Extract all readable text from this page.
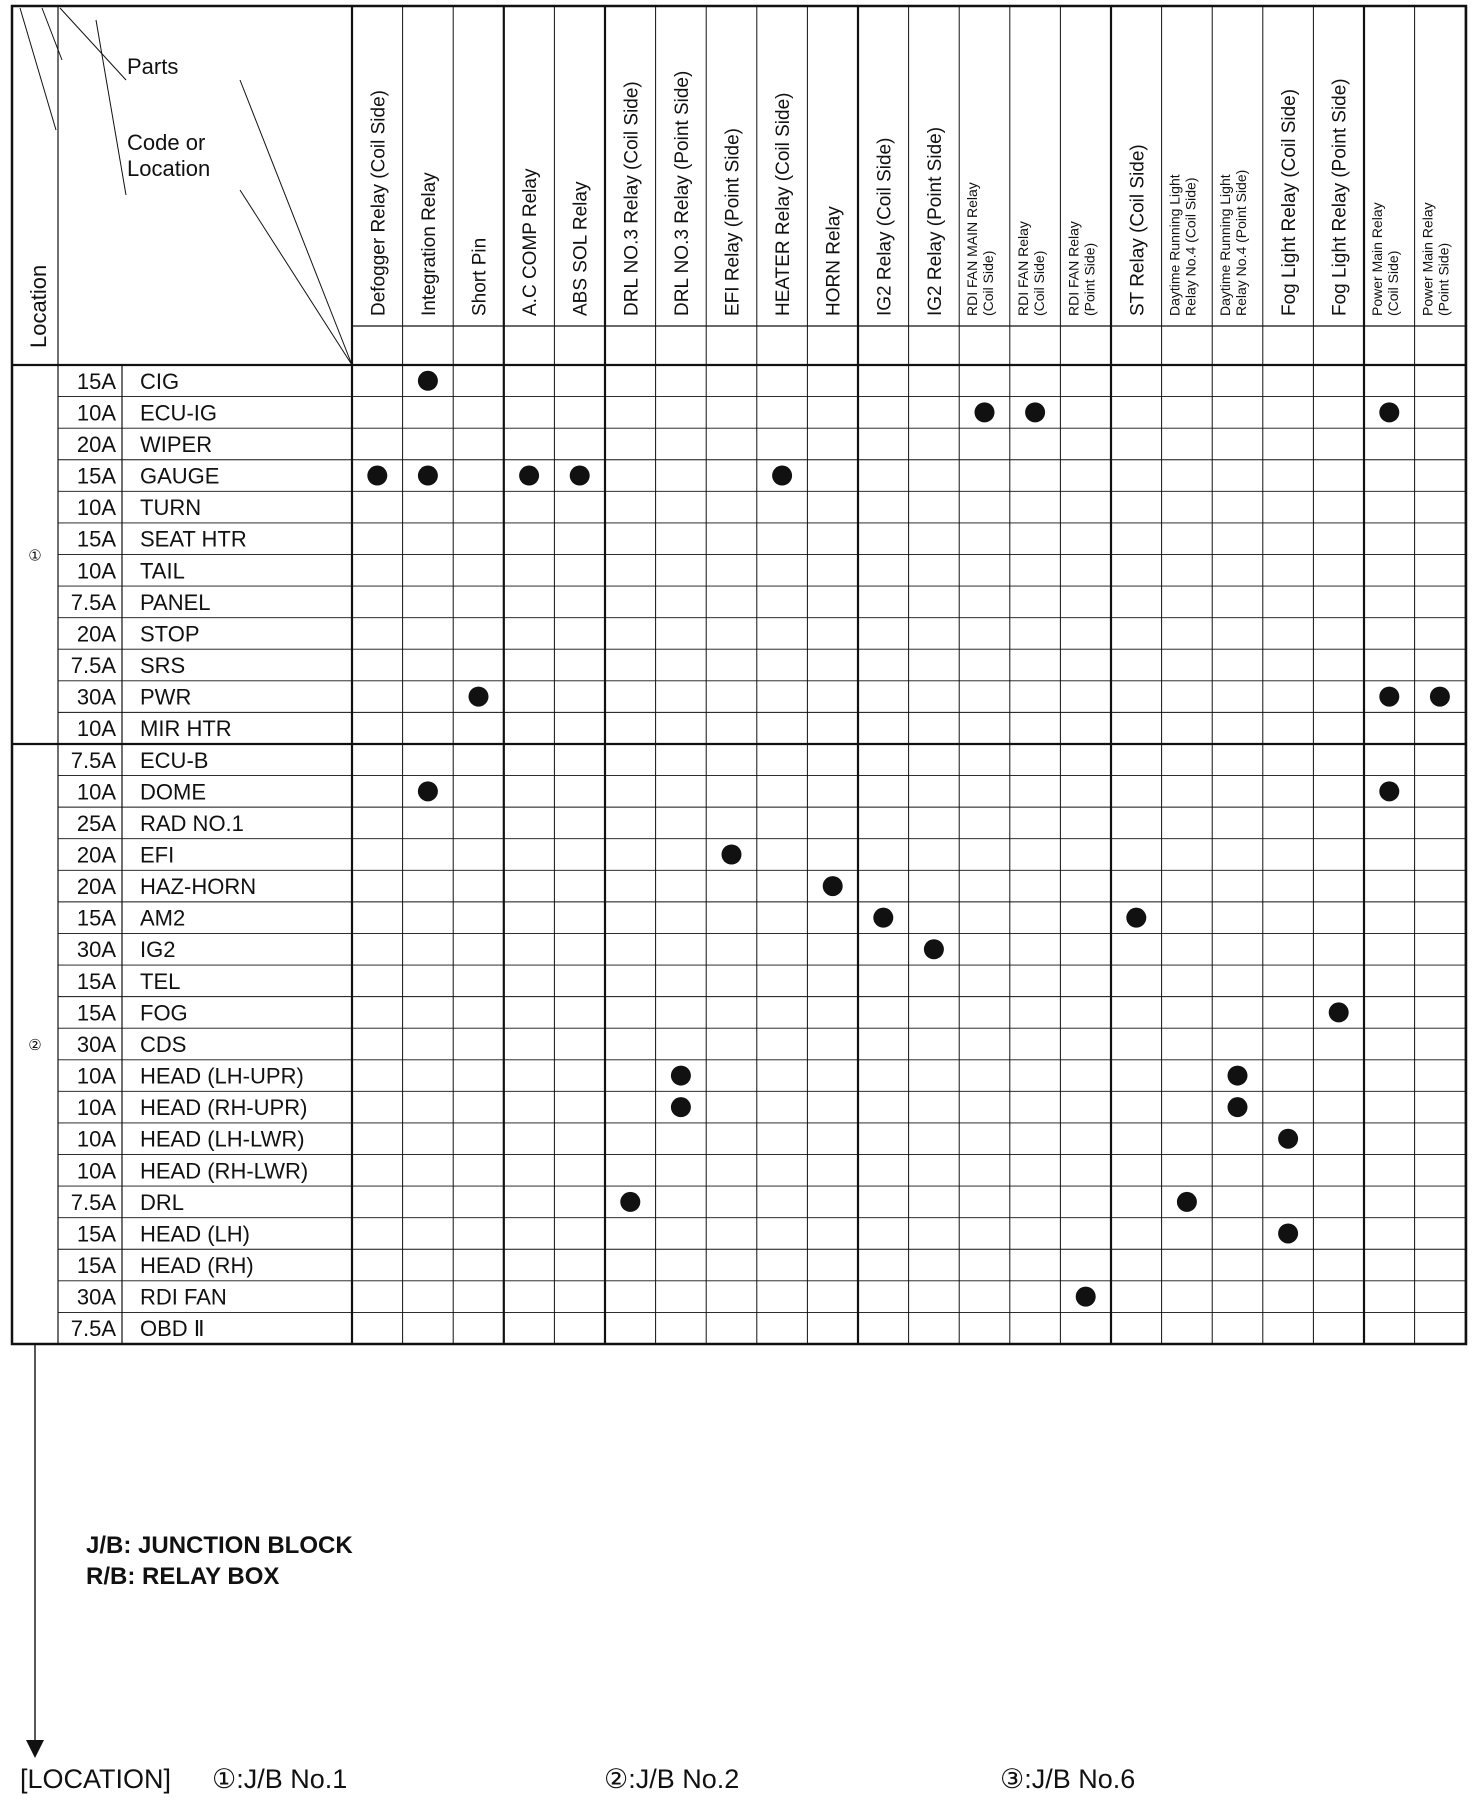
Defogger Relay (Coil Side) Integration Relay Short Pin A.C COMP Relay ABS SOL Relay DRL NO.3 Relay (Coil Side) DRL NO.3 Relay (Point Side) EFI Relay (Point Side) HEATER Relay (Coil Side) HORN Relay IG2 Relay (Coil Side) IG2 Relay (Point Side) RDI FAN MAIN Relay (Coil Side) RDI FAN Relay (Coil Side) RDI FAN Relay (Point Side) ST Relay (Coil Side) Daytime Running Light Relay No.4 (Coil Side) Daytime Running Light Relay No.4 (Point Side) Fog Light Relay (Coil Side) Fog Light Relay (Point Side) Power Main Relay (Coil Side) Power Main Relay (Point Side)
15A CIG
10A ECU-IG
20A WIPER
15A GAUGE
10A TURN
15A SEAT HTR
10A TAIL
7.5A PANEL
20A STOP
7.5A SRS
30A PWR
10A MIR HTR
7.5A ECU-B
10A DOME
25A RAD NO.1
20A EFI
20A HAZ-HORN
15A AM2
30A IG2
15A TEL
15A FOG
30A CDS
10A HEAD (LH-UPR)
10A HEAD (RH-UPR)
10A HEAD (LH-LWR)
10A HEAD (RH-LWR)
7.5A DRL
15A HEAD (LH)
15A HEAD (RH)
30A RDI FAN
7.5A OBD Ⅱ
①
②
Parts
Code or
Location
Location
J/B: JUNCTION BLOCK
R/B: RELAY BOX
[LOCATION] ①:J/B No.1	②:J/B No.2	③:J/B No.6
